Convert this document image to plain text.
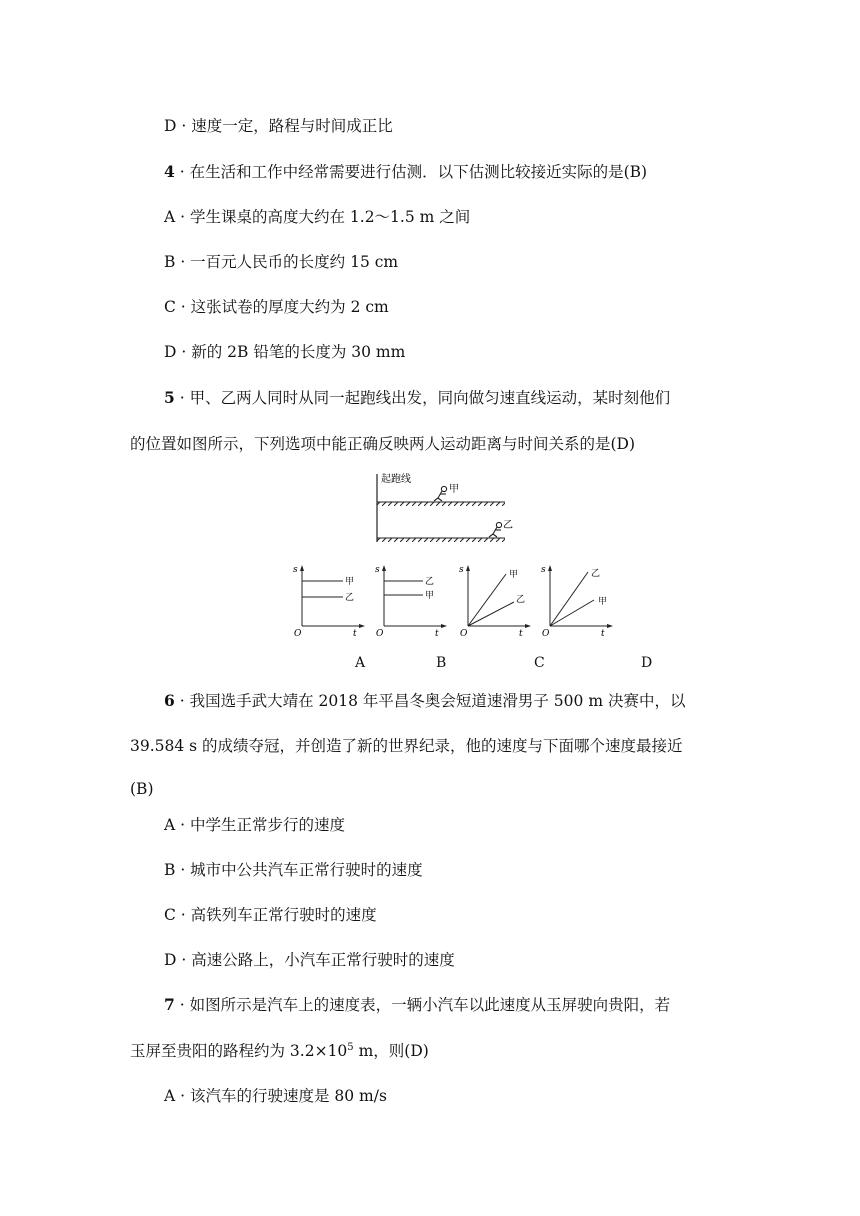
D · 速度一定，路程与时间成正比
4 · 在生活和工作中经常需要进行估测．以下估测比较接近实际的是(B)
A · 学生课桌的高度大约在 1.2～1.5 m 之间
B · 一百元人民币的长度约 15 cm
C · 这张试卷的厚度大约为 2 cm
D · 新的 2B 铅笔的长度为 30 mm
5 · 甲、乙两人同时从同一起跑线出发，同向做匀速直线运动，某时刻他们
的位置如图所示，下列选项中能正确反映两人运动距离与时间关系的是(D)
起跑线
甲
乙
s
O	t
甲
乙
s
O	t
乙
甲
s
O	t
甲
乙
s
O	t
乙
甲
A	B	C	D
6 · 我国选手武大靖在 2018 年平昌冬奥会短道速滑男子 500 m 决赛中，以
39.584 s 的成绩夺冠，并创造了新的世界纪录，他的速度与下面哪个速度最接近
(B)
A · 中学生正常步行的速度
B · 城市中公共汽车正常行驶时的速度
C · 高铁列车正常行驶时的速度
D · 高速公路上，小汽车正常行驶时的速度
7 · 如图所示是汽车上的速度表，一辆小汽车以此速度从玉屏驶向贵阳，若
玉屏至贵阳的路程约为 $3.2\times 10^5$ m，则(D)
A · 该汽车的行驶速度是 80 m/s
